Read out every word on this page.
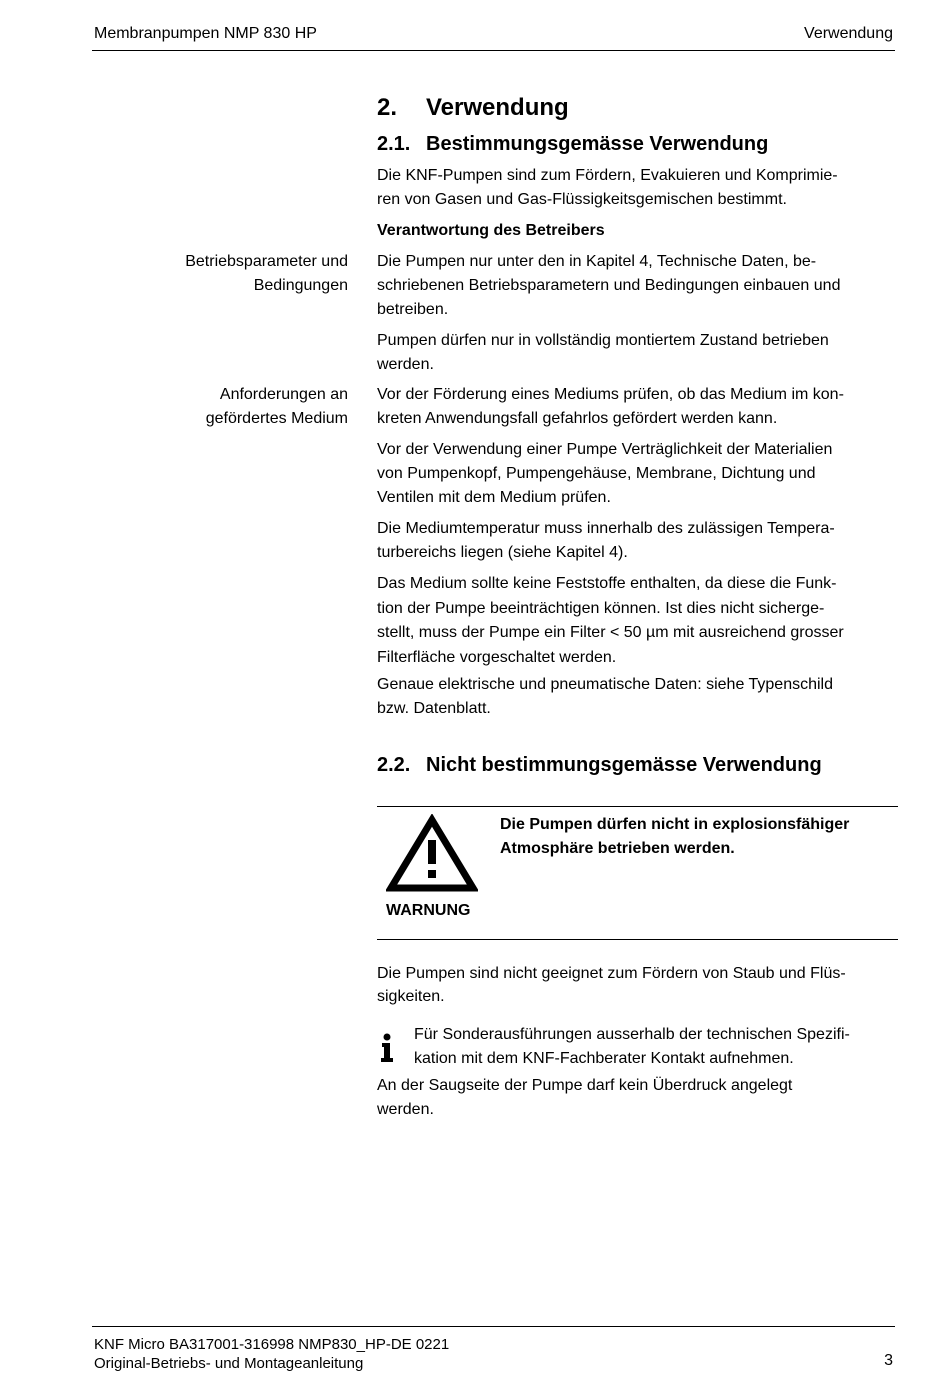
Membranpumpen NMP 830 HP	Verwendung
2. Verwendung
2.1. Bestimmungsgemässe Verwendung
Die KNF-Pumpen sind zum Fördern, Evakuieren und Komprimie-
ren von Gasen und Gas-Flüssigkeitsgemischen bestimmt.
Verantwortung des Betreibers
Betriebsparameter und
Bedingungen
Die Pumpen nur unter den in Kapitel 4, Technische Daten, be-
schriebenen Betriebsparametern und Bedingungen einbauen und
betreiben.
Pumpen dürfen nur in vollständig montiertem Zustand betrieben
werden.
Anforderungen an
gefördertes Medium
Vor der Förderung eines Mediums prüfen, ob das Medium im kon-
kreten Anwendungsfall gefahrlos gefördert werden kann.
Vor der Verwendung einer Pumpe Verträglichkeit der Materialien
von Pumpenkopf, Pumpengehäuse, Membrane, Dichtung und
Ventilen mit dem Medium prüfen.
Die Mediumtemperatur muss innerhalb des zulässigen Tempera-
turbereichs liegen (siehe Kapitel 4).
Das Medium sollte keine Feststoffe enthalten, da diese die Funk-
tion der Pumpe beeinträchtigen können. Ist dies nicht sicherge-
stellt, muss der Pumpe ein Filter < 50 µm mit ausreichend grosser
Filterfläche vorgeschaltet werden.
Genaue elektrische und pneumatische Daten: siehe Typenschild
bzw. Datenblatt.
2.2. Nicht bestimmungsgemässe Verwendung
WARNUNG
Die Pumpen dürfen nicht in explosionsfähiger
Atmosphäre betrieben werden.
Die Pumpen sind nicht geeignet zum Fördern von Staub und Flüs-
sigkeiten.
Für Sonderausführungen ausserhalb der technischen Spezifi-
kation mit dem KNF-Fachberater Kontakt aufnehmen.
An der Saugseite der Pumpe darf kein Überdruck angelegt
werden.
KNF Micro BA317001-316998 NMP830_HP-DE 0221
Original-Betriebs- und Montageanleitung	3
